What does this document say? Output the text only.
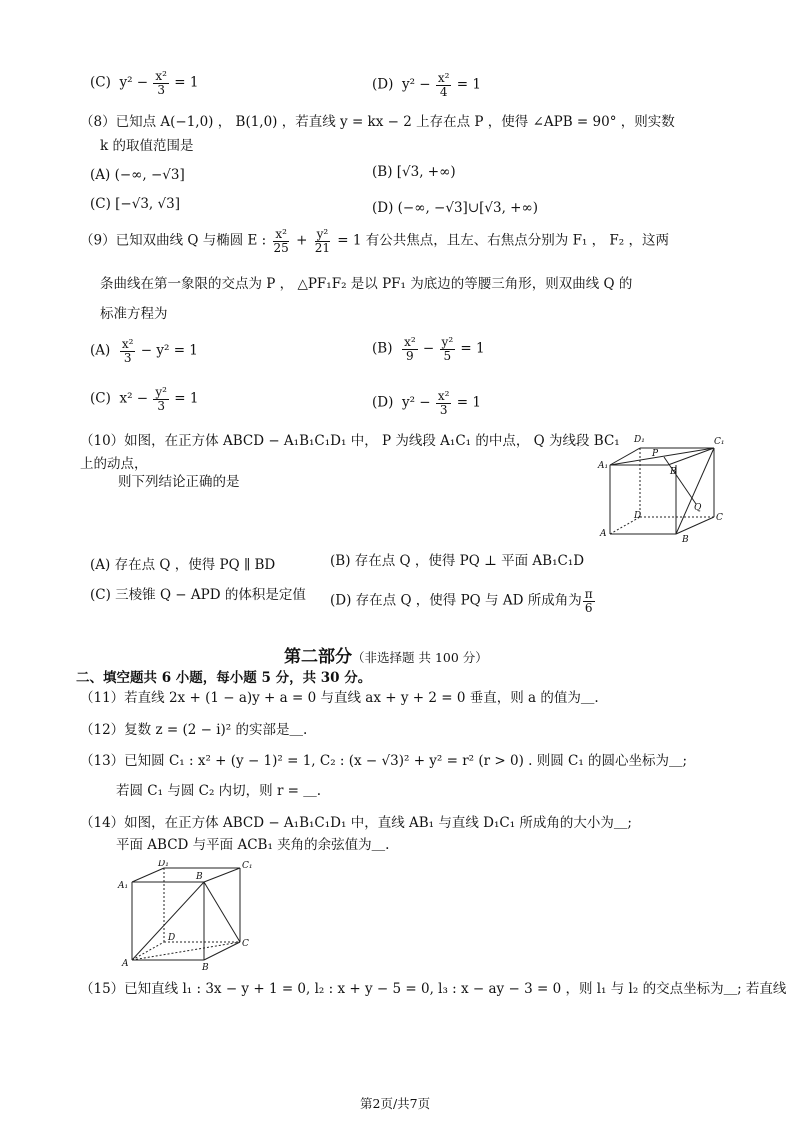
(C) $y^2 - \frac{\text{x²}}{3} = 1$	(D) $y^2 - \frac{\text{x²}}{4} = 1$
（8）已知点 A(−1,0) ， B(1,0) ，若直线 y = kx − 2 上存在点 P ，使得 ∠APB = 90° ，则实数
k 的取值范围是
(A) (−∞, −√3]	(B) [√3, +∞)
(C) [−√3, √3]	(D) (−∞, −√3]∪[√3, +∞)
（9）已知双曲线 Q 与椭圆 E : $\frac{\text{x²}}{25} + \frac{\text{y²}}{21} = 1$ 有公共焦点，且左、右焦点分别为 F₁ ， F₂ ，这两
条曲线在第一象限的交点为 P ， △PF₁F₂ 是以 PF₁ 为底边的等腰三角形，则双曲线 Q 的
标准方程为
$(A) \frac{\text{x²}}{3} - y^2 = 1$	$(B) \frac{\text{x²}}{9} - \frac{\text{y²}}{5} = 1$
(C) $x^2 - \frac{\text{y²}}{3} = 1$	(D) $y^2 - \frac{\text{x²}}{3} = 1$
（10）如图，在正方体 ABCD − A₁B₁C₁D₁ 中， P 为线段 A₁C₁ 的中点， Q 为线段 BC₁
上的动点，
则下列结论正确的是
D₁	C₁
A₁
P
B
D
Q
C
A
B
(A) 存在点 Q ，使得 PQ ∥ BD	(B) 存在点 Q ，使得 PQ ⊥ 平面 AB₁C₁D
(C) 三棱锥 Q − APD 的体积是定值 (D) 存在点 Q ，使得 PQ 与 AD 所成角为 $\frac{\pi}{6}$
第二部分（非选择题 共 100 分）
二、填空题共 6 小题，每小题 5 分，共 30 分。
（11）若直线 2x + (1 − a)y + a = 0 与直线 ax + y + 2 = 0 垂直，则 a 的值为＿.
（12）复数 z = (2 − i)² 的实部是＿.
（13）已知圆 C₁ : x² + (y − 1)² = 1, C₂ : (x − √3)² + y² = r² (r > 0) . 则圆 C₁ 的圆心坐标为＿;
若圆 C₁ 与圆 C₂ 内切，则 r = ＿.
（14）如图，在正方体 ABCD − A₁B₁C₁D₁ 中，直线 AB₁ 与直线 D₁C₁ 所成角的大小为＿;
平面 ABCD 与平面 ACB₁ 夹角的余弦值为＿.
A₁
B
C₁
D₁
D
C
A	B
（15）已知直线 l₁ : 3x − y + 1 = 0, l₂ : x + y − 5 = 0, l₃ : x − ay − 3 = 0 ，则 l₁ 与 l₂ 的交点坐标为＿; 若直线
第2页/共7页
